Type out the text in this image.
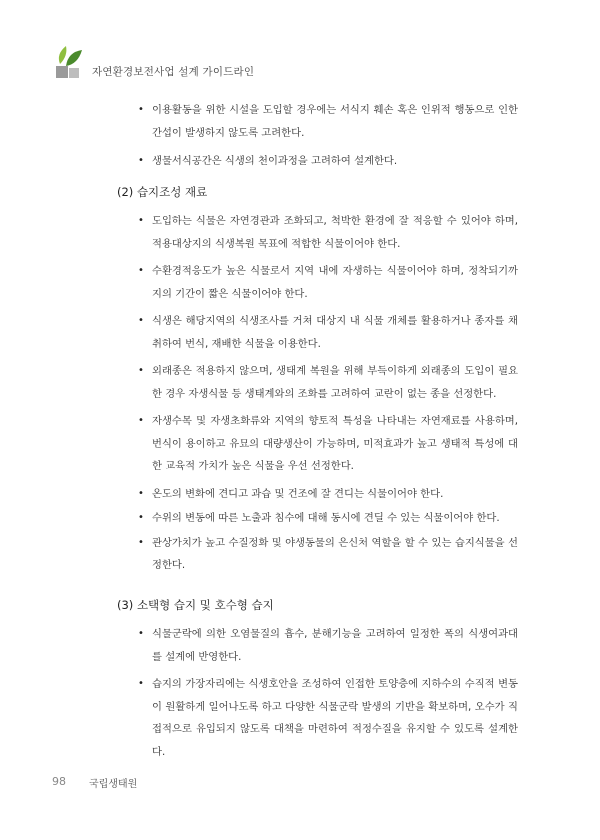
자연환경보전사업 설계 가이드라인
• 이용활동을 위한 시설을 도입할 경우에는 서식지 훼손 혹은 인위적 행동으로 인한 간섭이 발생하지 않도록 고려한다.
• 생물서식공간은 식생의 천이과정을 고려하여 설계한다.
(2) 습지조성 재료
• 도입하는 식물은 자연경관과 조화되고, 척박한 환경에 잘 적응할 수 있어야 하며, 적용대상지의 식생복원 목표에 적합한 식물이어야 한다.
• 수환경적응도가 높은 식물로서 지역 내에 자생하는 식물이어야 하며, 정착되기까지의 기간이 짧은 식물이어야 한다.
• 식생은 해당지역의 식생조사를 거쳐 대상지 내 식물 개체를 활용하거나 종자를 채취하여 번식, 재배한 식물을 이용한다.
• 외래종은 적용하지 않으며, 생태계 복원을 위해 부득이하게 외래종의 도입이 필요한 경우 자생식물 등 생태계와의 조화를 고려하여 교란이 없는 종을 선정한다.
• 자생수목 및 자생초화류와 지역의 향토적 특성을 나타내는 자연재료를 사용하며, 번식이 용이하고 유묘의 대량생산이 가능하며, 미적효과가 높고 생태적 특성에 대한 교육적 가치가 높은 식물을 우선 선정한다.
• 온도의 변화에 견디고 과습 및 건조에 잘 견디는 식물이어야 한다.
• 수위의 변동에 따른 노출과 침수에 대해 동시에 견딜 수 있는 식물이어야 한다.
• 관상가치가 높고 수질정화 및 야생동물의 은신처 역할을 할 수 있는 습지식물을 선정한다.
(3) 소택형 습지 및 호수형 습지
• 식물군락에 의한 오염물질의 흡수, 분해기능을 고려하여 일정한 폭의 식생여과대를 설계에 반영한다.
• 습지의 가장자리에는 식생호안을 조성하여 인접한 토양층에 지하수의 수직적 변동이 원활하게 일어나도록 하고 다양한 식물군락 발생의 기반을 확보하며, 오수가 직접적으로 유입되지 않도록 대책을 마련하여 적정수질을 유지할 수 있도록 설계한다.
98 국립생태원
